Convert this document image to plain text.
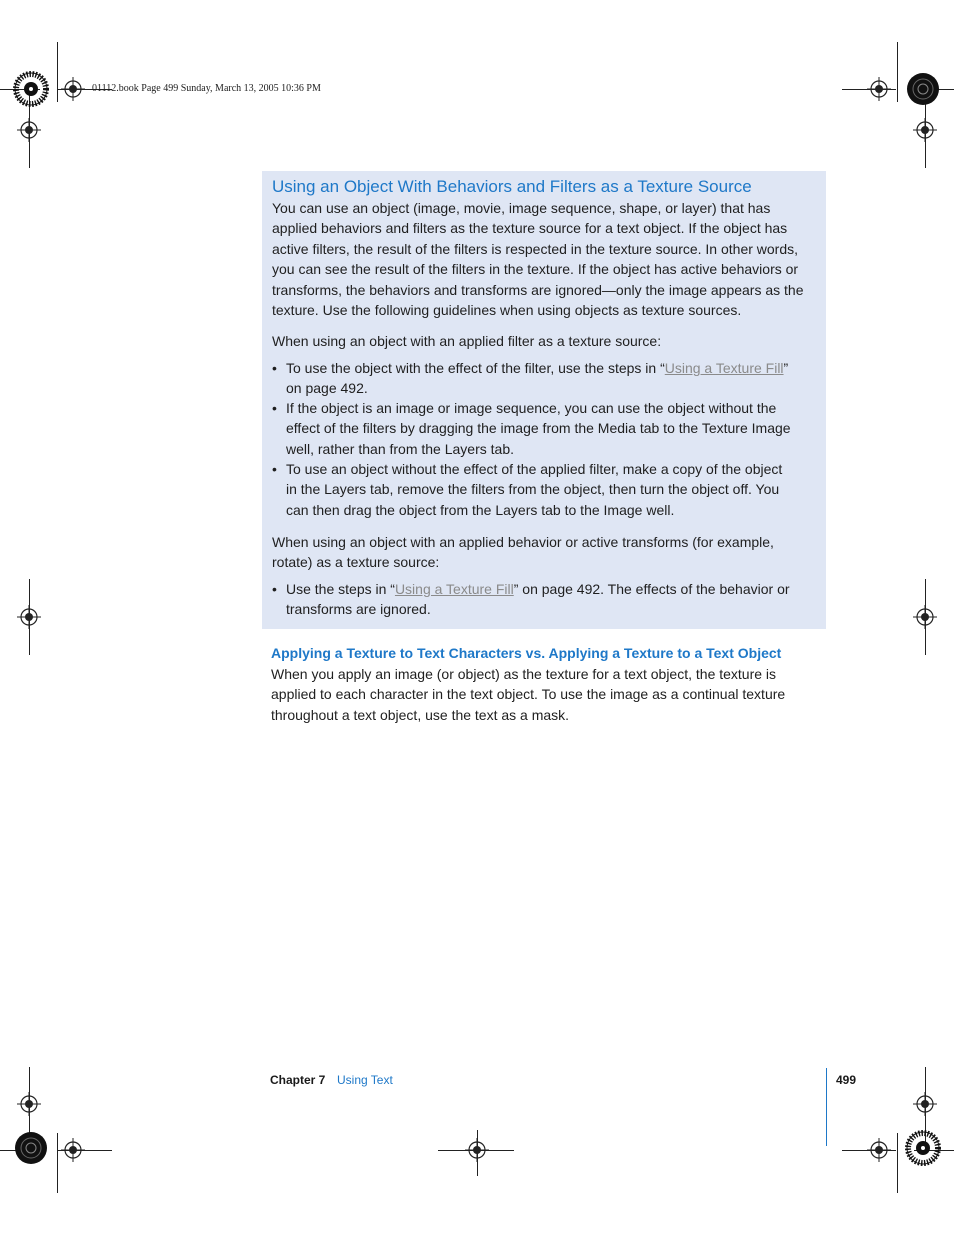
01112.book Page 499 Sunday, March 13, 2005 10:36 PM
Using an Object With Behaviors and Filters as a Texture Source
You can use an object (image, movie, image sequence, shape, or layer) that has
applied behaviors and filters as the texture source for a text object. If the object has
active filters, the result of the filters is respected in the texture source. In other words,
you can see the result of the filters in the texture. If the object has active behaviors or
transforms, the behaviors and transforms are ignored—only the image appears as the
texture. Use the following guidelines when using objects as texture sources.
When using an object with an applied filter as a texture source:
• To use the object with the effect of the filter, use the steps in “Using a Texture Fill”
on page 492.
• If the object is an image or image sequence, you can use the object without the
effect of the filters by dragging the image from the Media tab to the Texture Image
well, rather than from the Layers tab.
• To use an object without the effect of the applied filter, make a copy of the object
in the Layers tab, remove the filters from the object, then turn the object off. You
can then drag the object from the Layers tab to the Image well.
When using an object with an applied behavior or active transforms (for example,
rotate) as a texture source:
• Use the steps in “Using a Texture Fill” on page 492. The effects of the behavior or
transforms are ignored.
Applying a Texture to Text Characters vs. Applying a Texture to a Text Object
When you apply an image (or object) as the texture for a text object, the texture is
applied to each character in the text object. To use the image as a continual texture
throughout a text object, use the text as a mask.
Chapter 7 Using Text	499
